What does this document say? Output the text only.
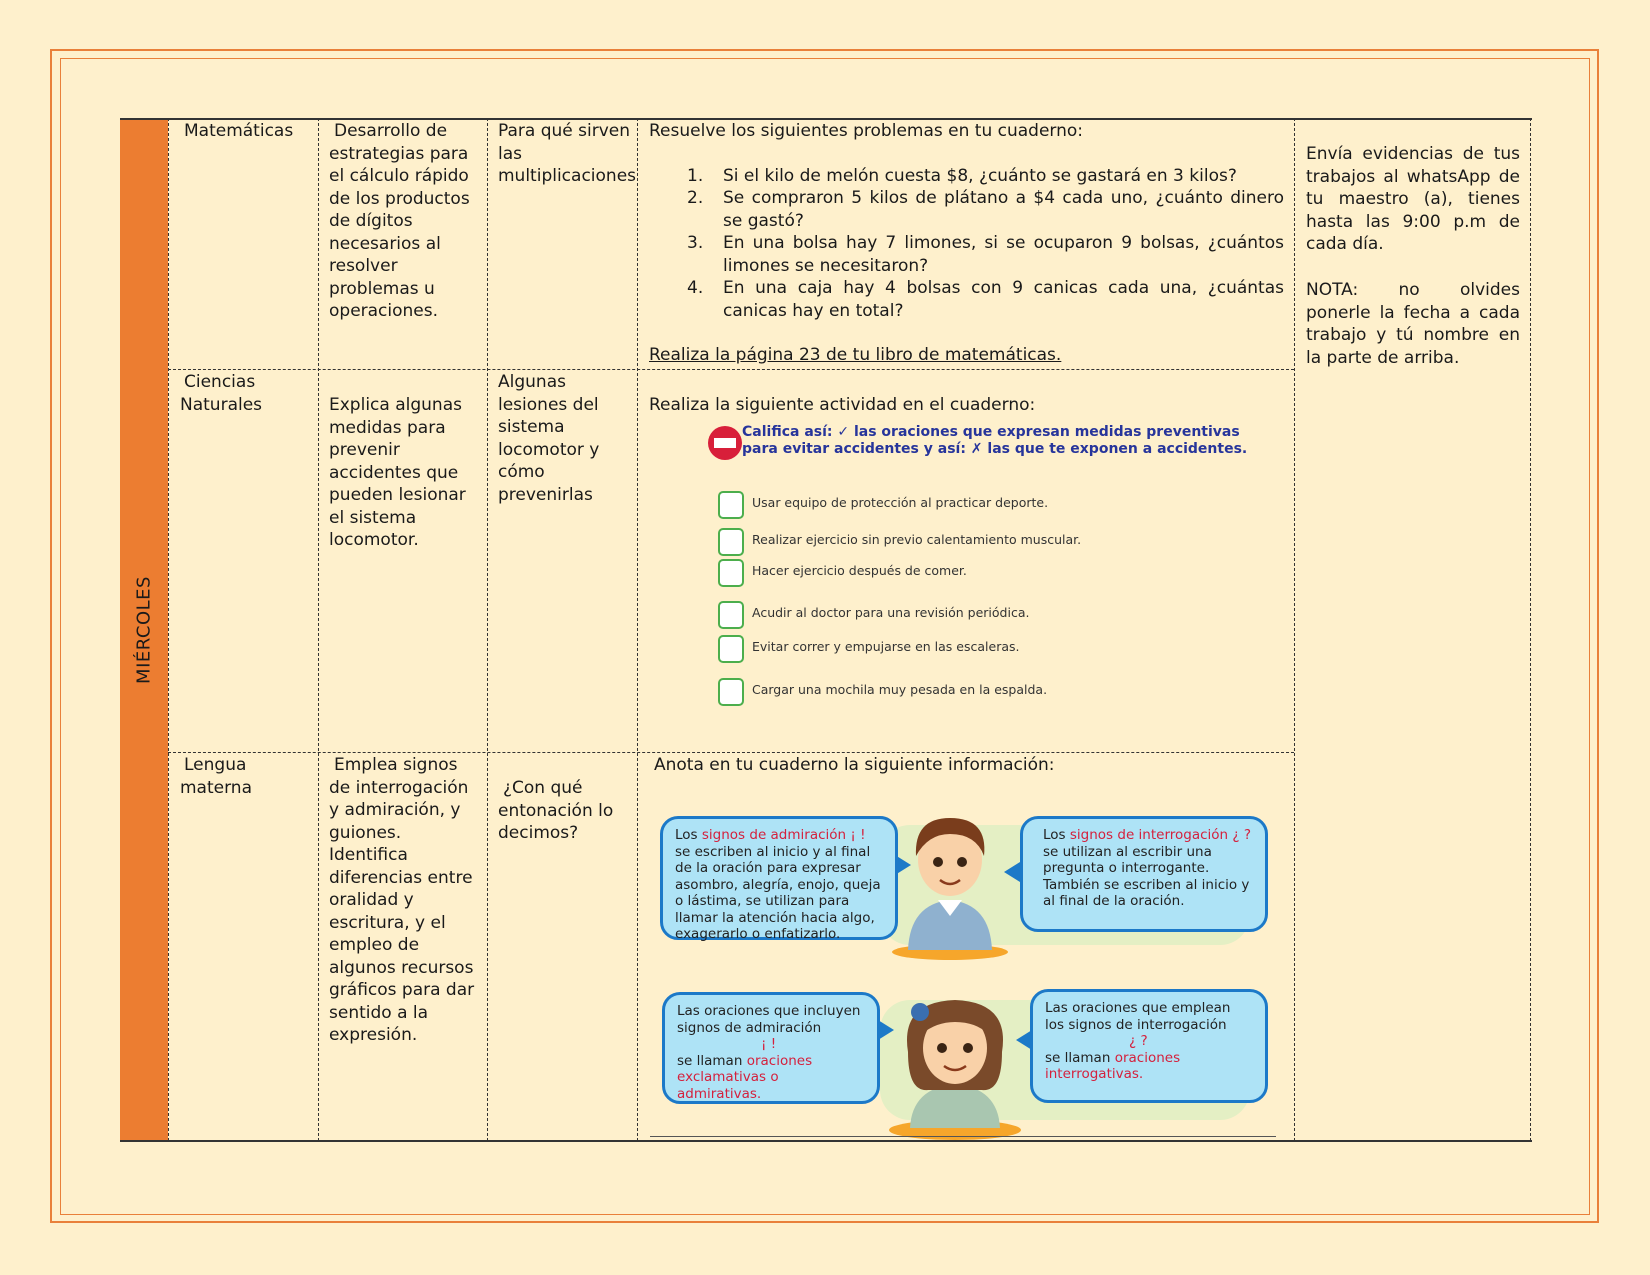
MIÉRCOLES
Matemáticas	Desarrollo de estrategias para el cálculo rápido de los productos de dígitos necesarios al resolver problemas u operaciones.
Para qué sirven las multiplicaciones
Resuelve los siguientes problemas en tu cuaderno:
1. Si el kilo de melón cuesta $8, ¿cuánto se gastará en 3 kilos?
2. Se compraron 5 kilos de plátano a $4 cada uno, ¿cuánto dinero se gastó?
3. En una bolsa hay 7 limones, si se ocuparon 9 bolsas, ¿cuántos limones se necesitaron?
4. En una caja hay 4 bolsas con 9 canicas cada una, ¿cuántas canicas hay en total?
Realiza la página 23 de tu libro de matemáticas.
Envía evidencias de tus trabajos al whatsApp de tu maestro (a), tienes hasta las 9:00 p.m de cada día.
NOTA: no olvides ponerle la fecha a cada trabajo y tú nombre en la parte de arriba.
Ciencias Naturales	Explica algunas medidas para prevenir accidentes que pueden lesionar el sistema locomotor.
Algunas lesiones del sistema locomotor y cómo prevenirlas
Realiza la siguiente actividad en el cuaderno:
Califica así: ✓ las oraciones que expresan medidas preventivas para evitar accidentes y así: ✗ las que te exponen a accidentes.
Usar equipo de protección al practicar deporte.
Realizar ejercicio sin previo calentamiento muscular.
Hacer ejercicio después de comer.
Acudir al doctor para una revisión periódica.
Evitar correr y empujarse en las escaleras.
Cargar una mochila muy pesada en la espalda.
Lengua materna
Emplea signos de interrogación y admiración, y guiones. Identifica diferencias entre oralidad y escritura, y el empleo de algunos recursos gráficos para dar sentido a la expresión.
¿Con qué entonación lo decimos?
Anota en tu cuaderno la siguiente información:
Los signos de admiración ¡ ! se escriben al inicio y al final de la oración para expresar asombro, alegría, enojo, queja o lástima, se utilizan para llamar la atención hacia algo, exagerarlo o enfatizarlo.
Los signos de interrogación ¿ ? se utilizan al escribir una pregunta o interrogante. También se escriben al inicio y al final de la oración.
Las oraciones que incluyen signos de admiración
¡ !
se llaman oraciones exclamativas o admirativas.
Las oraciones que emplean los signos de interrogación
¿ ?
se llaman oraciones interrogativas.
